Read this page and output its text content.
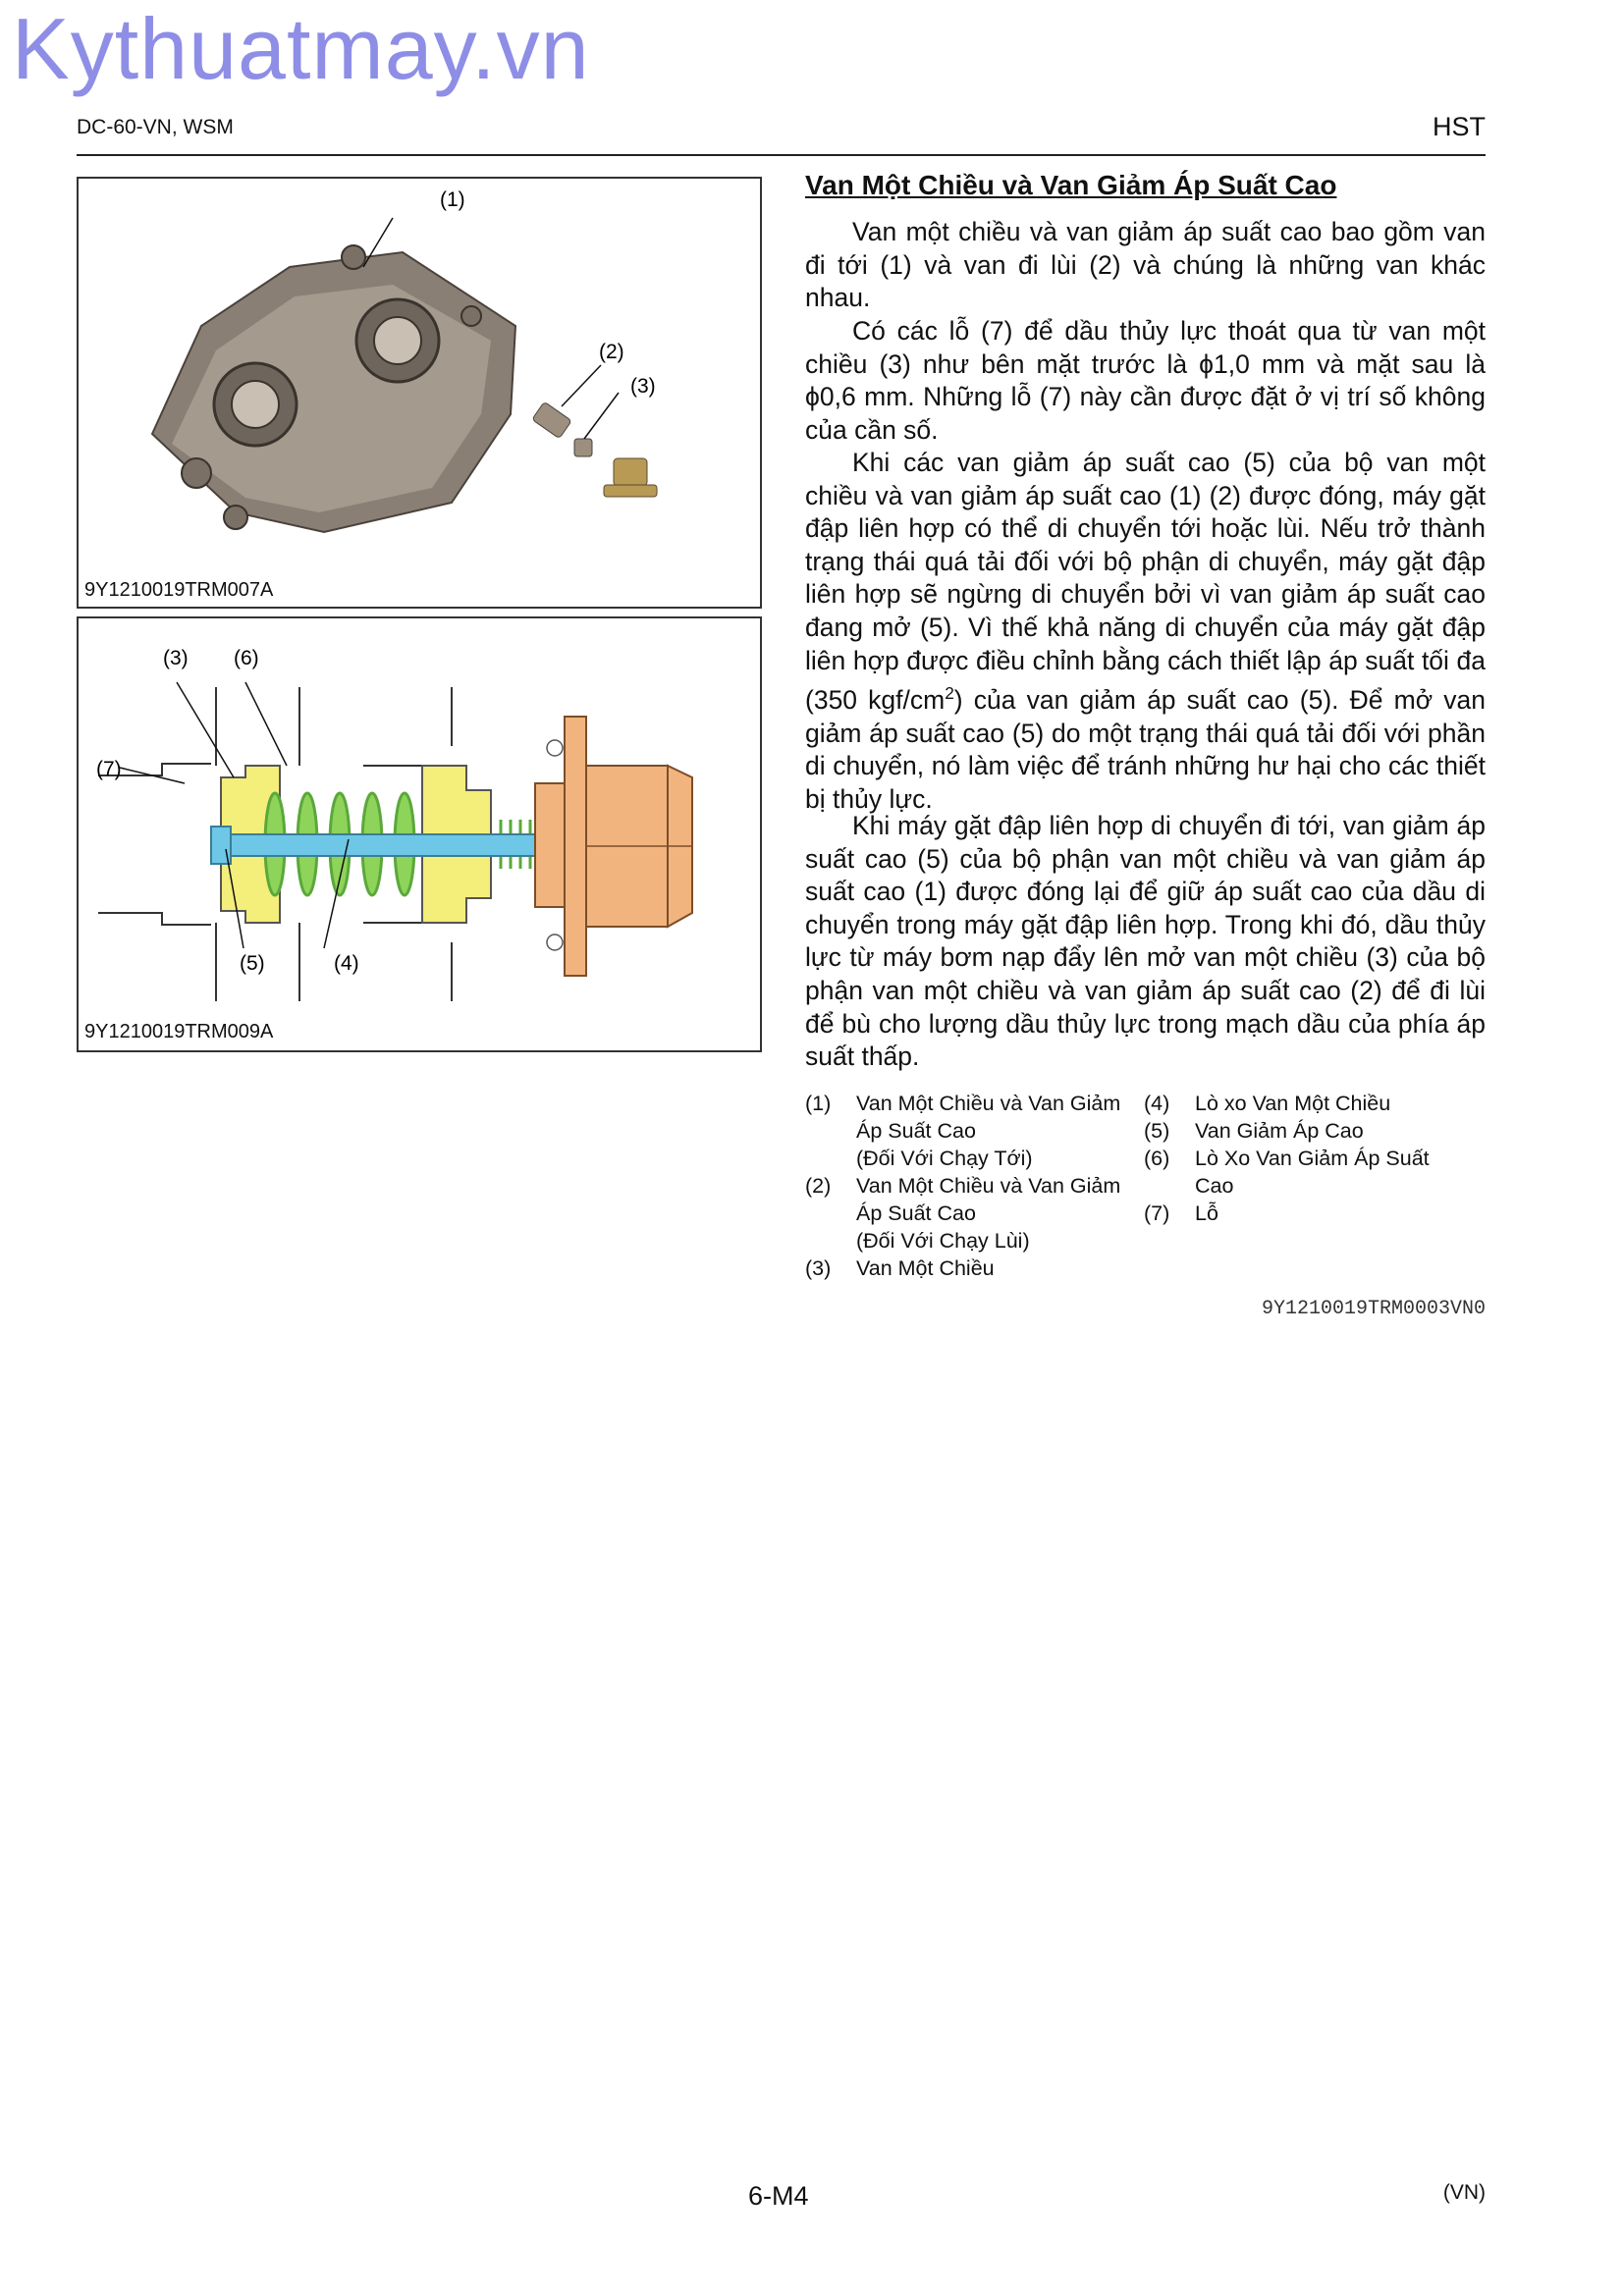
Kythuatmay.vn
DC-60-VN, WSM	HST
(1)
(2)
(3)
9Y1210019TRM007A
(3) (6)
(7)
(5)	(4)
9Y1210019TRM009A
Van Một Chiều và Van Giảm Áp Suất Cao
Van một chiều và van giảm áp suất cao bao gồm van đi tới (1) và van đi lùi (2) và chúng là những van khác nhau.
Có các lỗ (7) để dầu thủy lực thoát qua từ van một chiều (3) như bên mặt trước là ϕ1,0 mm và mặt sau là ϕ0,6 mm. Những lỗ (7) này cần được đặt ở vị trí số không của cần số.
Khi các van giảm áp suất cao (5) của bộ van một chiều và van giảm áp suất cao (1) (2) được đóng, máy gặt đập liên hợp có thể di chuyển tới hoặc lùi. Nếu trở thành trạng thái quá tải đối với bộ phận di chuyển, máy gặt đập liên hợp sẽ ngừng di chuyển bởi vì van giảm áp suất cao đang mở (5). Vì thế khả năng di chuyển của máy gặt đập liên hợp được điều chỉnh bằng cách thiết lập áp suất tối đa (350 kgf/$cm^2$) của van giảm áp suất cao (5). Để mở van giảm áp suất cao (5) do một trạng thái quá tải đối với phần di chuyển, nó làm việc để tránh những hư hại cho các thiết bị thủy lực.
Khi máy gặt đập liên hợp di chuyển đi tới, van giảm áp suất cao (5) của bộ phận van một chiều và van giảm áp suất cao (1) được đóng lại để giữ áp suất cao của dầu di chuyển trong máy gặt đập liên hợp. Trong khi đó, dầu thủy lực từ máy bơm nạp đẩy lên mở van một chiều (3) của bộ phận van một chiều và van giảm áp suất cao (2) để đi lùi để bù cho lượng dầu thủy lực trong mạch dầu của phía áp suất thấp.
(1) Van Một Chiều và Van Giảm
Áp Suất Cao
(Đối Với Chạy Tới)
(2) Van Một Chiều và Van Giảm
Áp Suất Cao
(Đối Với Chạy Lùi)
(3) Van Một Chiều
(4) Lò xo Van Một Chiều
(5) Van Giảm Áp Cao
(6) Lò Xo Van Giảm Áp Suất
Cao
(7) Lỗ
9Y1210019TRM0003VN0
6-M4	(VN)
